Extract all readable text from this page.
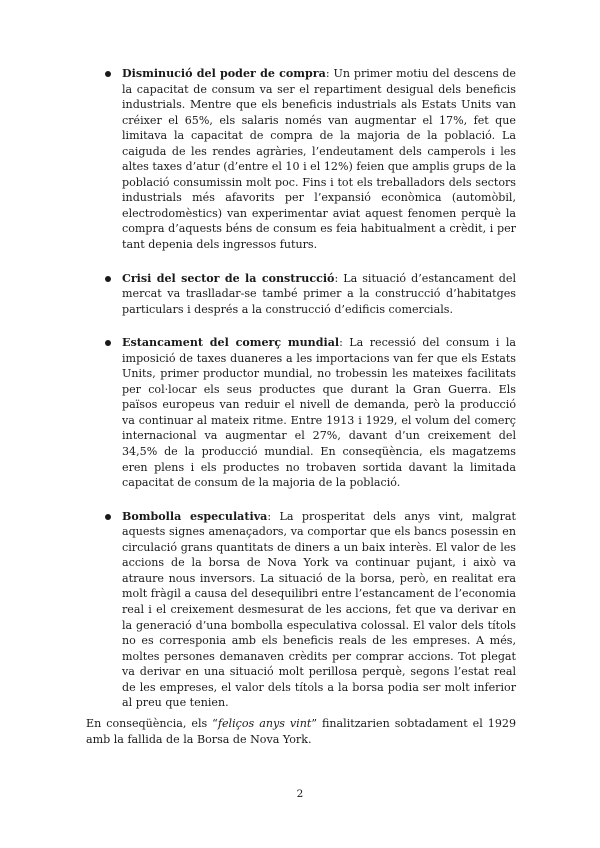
Disminució del poder de compra: Un primer motiu del descens de la capacitat de consum va ser el repartiment desigual dels beneficis industrials. Mentre que els beneficis industrials als Estats Units van créixer el 65%, els salaris només van augmentar el 17%, fet que limitava la capacitat de compra de la majoria de la població. La caiguda de les rendes agràries, l’endeutament dels camperols i les altes taxes d’atur (d’entre el 10 i el 12%) feien que amplis grups de la població consumissin molt poc. Fins i tot els treballadors dels sectors industrials més afavorits per l’expansió econòmica (automòbil, electrodomèstics) van experimentar aviat aquest fenomen perquè la compra d’aquests béns de consum es feia habitualment a crèdit, i per tant depenia dels ingressos futurs.
Crisi del sector de la construcció: La situació d’estancament del mercat va traslladar-se també primer a la construcció d’habitatges particulars i després a la construcció d’edificis comercials.
Estancament del comerç mundial: La recessió del consum i la imposició de taxes duaneres a les importacions van fer que els Estats Units, primer productor mundial, no trobessin les mateixes facilitats per col·locar els seus productes que durant la Gran Guerra. Els països europeus van reduir el nivell de demanda, però la producció va continuar al mateix ritme. Entre 1913 i 1929, el volum del comerç internacional va augmentar el 27%, davant d’un creixement del 34,5% de la producció mundial. En conseqüència, els magatzems eren plens i els productes no trobaven sortida davant la limitada capacitat de consum de la majoria de la població.
Bombolla especulativa: La prosperitat dels anys vint, malgrat aquests signes amenaçadors, va comportar que els bancs posessin en circulació grans quantitats de diners a un baix interès. El valor de les accions de la borsa de Nova York va continuar pujant, i això va atraure nous inversors. La situació de la borsa, però, en realitat era molt fràgil a causa del desequilibri entre l’estancament de l’economia real i el creixement desmesurat de les accions, fet que va derivar en la generació d’una bombolla especulativa colossal. El valor dels títols no es corresponia amb els beneficis reals de les empreses. A més, moltes persones demanaven crèdits per comprar accions. Tot plegat va derivar en una situació molt perillosa perquè, segons l’estat real de les empreses, el valor dels títols a la borsa podia ser molt inferior al preu que tenien.

En conseqüència, els “feliços anys vint” finalitzarien sobtadament el 1929 amb la fallida de la Borsa de Nova York.

2
